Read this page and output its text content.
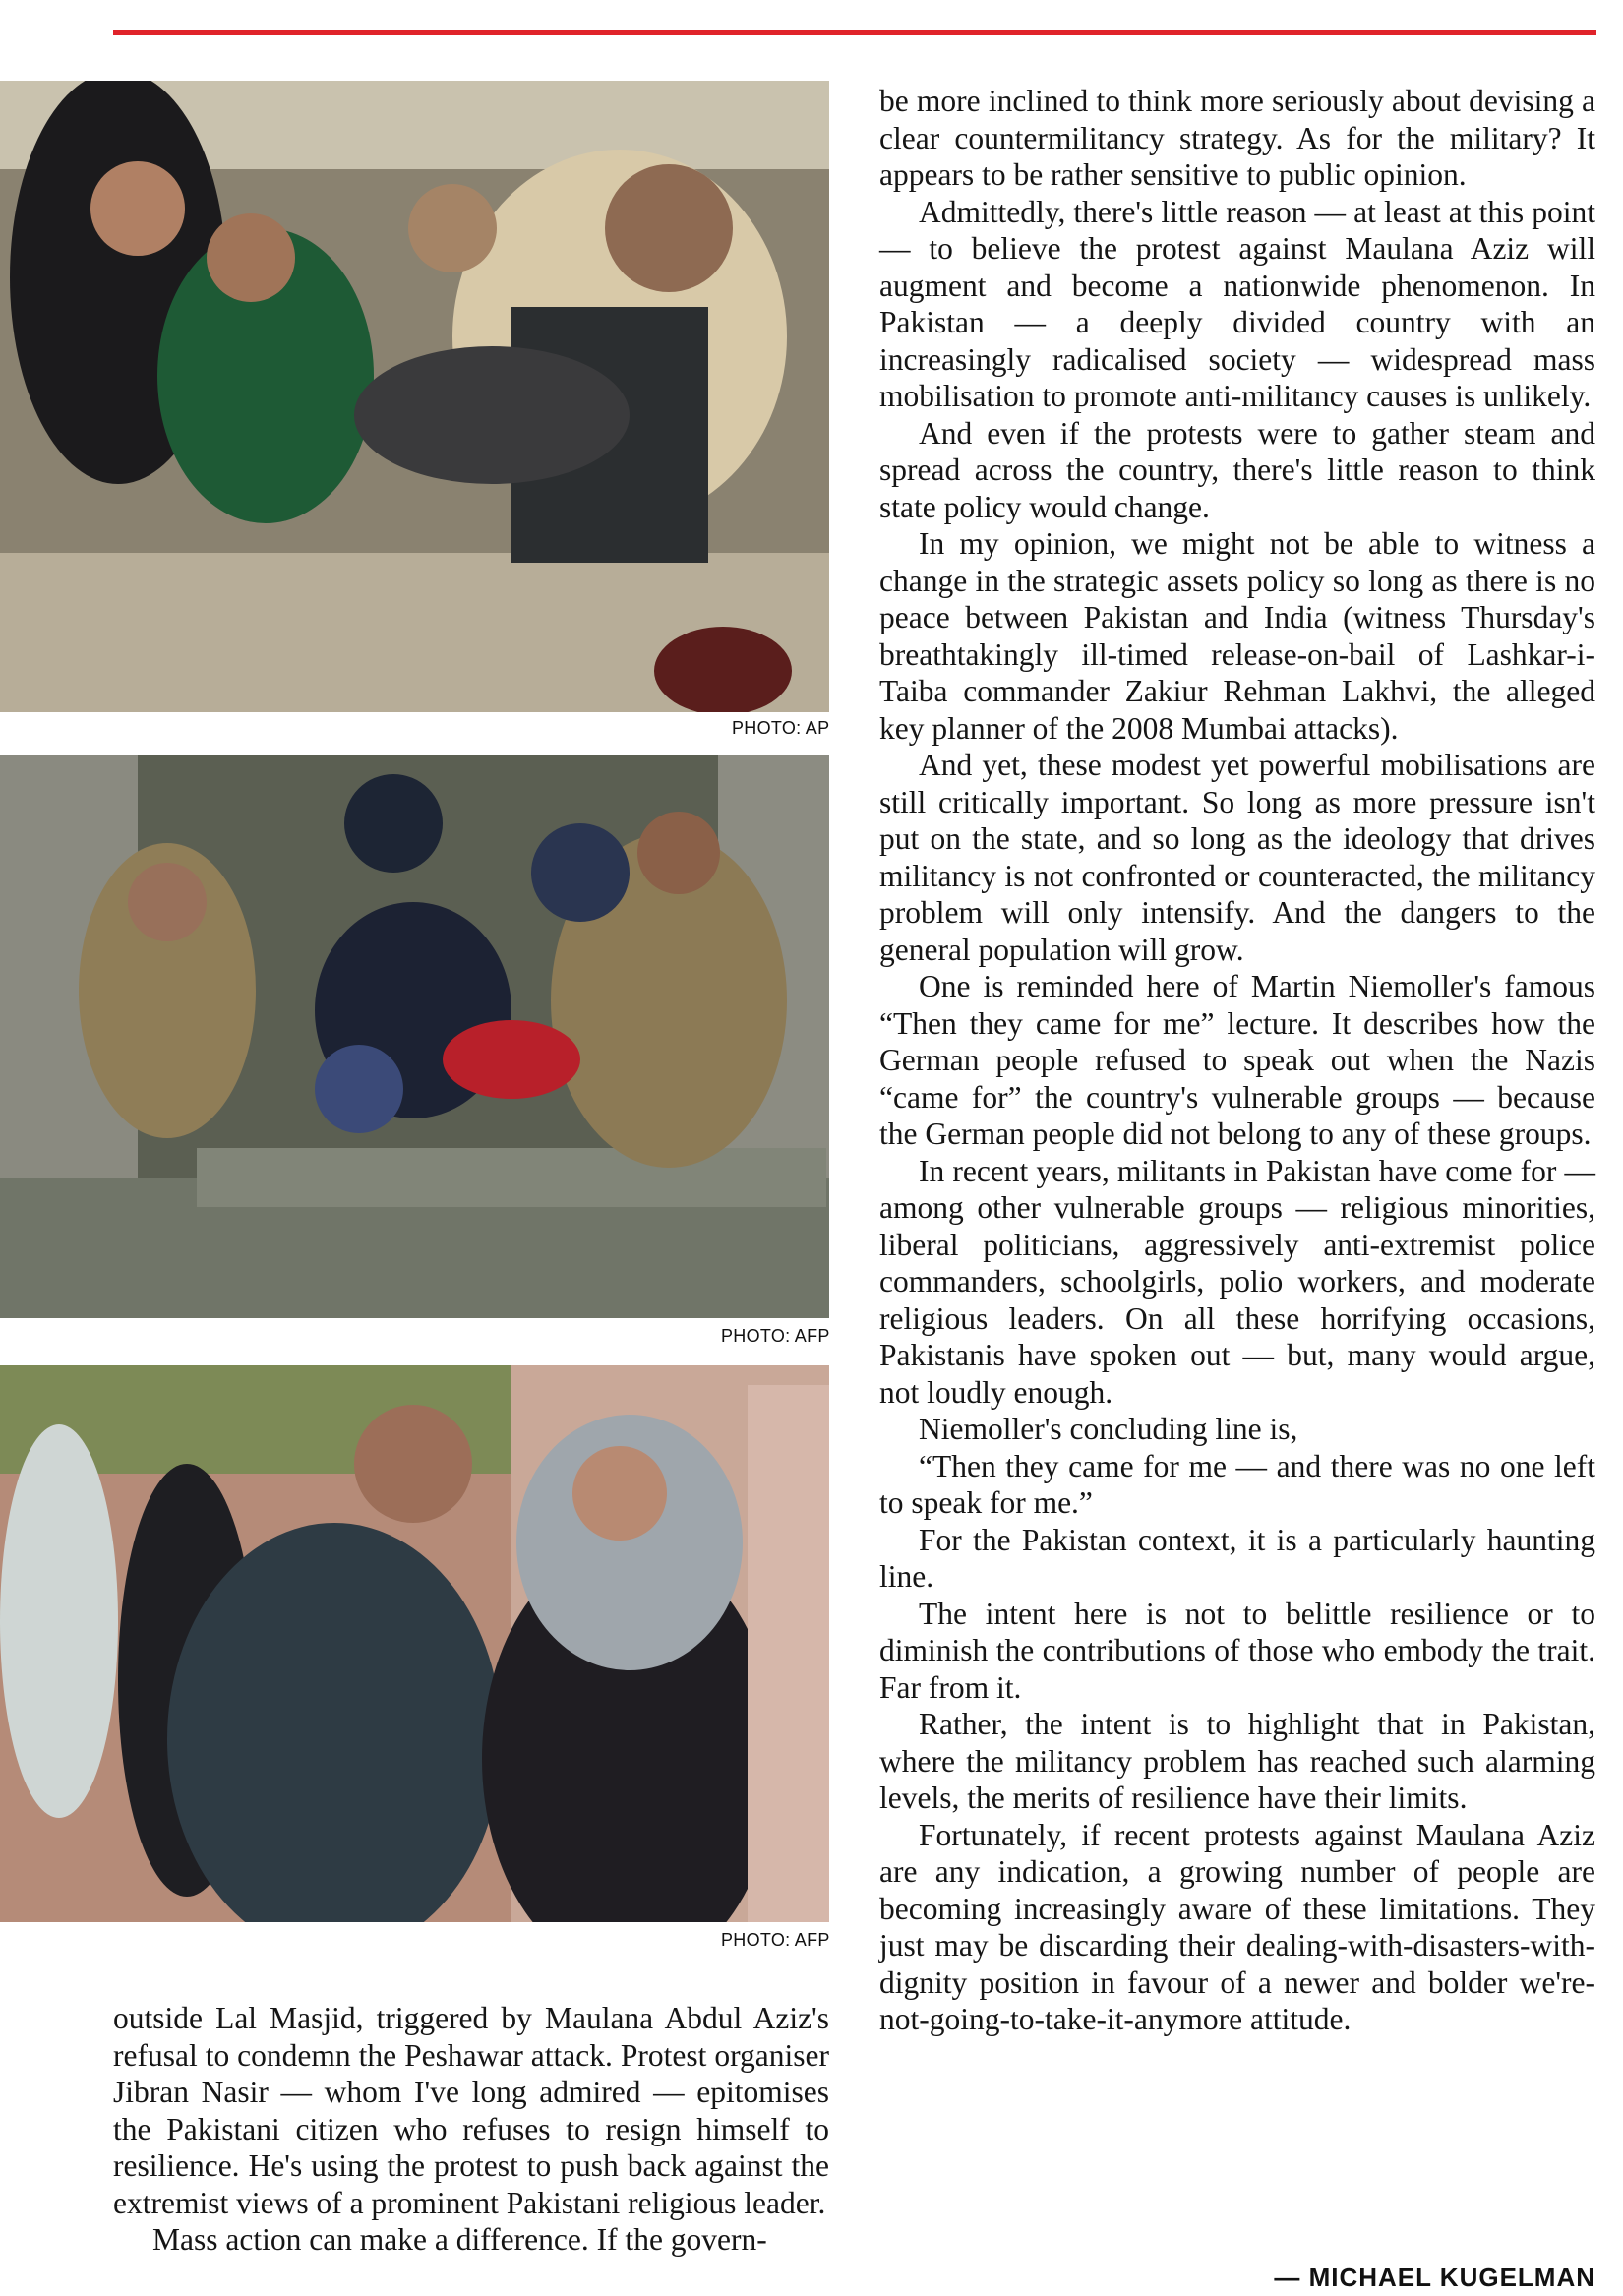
PHOTO: AP
PHOTO: AFP
PHOTO: AFP

be more inclined to think more seriously about devising a clear countermilitancy strategy. As for the military? It appears to be rather sensitive to public opinion.

Admittedly, there's little reason — at least at this point — to believe the protest against Maulana Aziz will augment and become a nationwide phenomenon. In Pakistan — a deeply divided country with an increasingly radicalised society — widespread mass mobilisation to promote anti-militancy causes is unlikely.

And even if the protests were to gather steam and spread across the country, there's little reason to think state policy would change.

In my opinion, we might not be able to witness a change in the strategic assets policy so long as there is no peace between Pakistan and India (witness Thursday's breathtakingly ill-timed release-on-bail of Lashkar-i-Taiba commander Zakiur Rehman Lakhvi, the alleged key planner of the 2008 Mumbai attacks).

And yet, these modest yet powerful mobilisations are still critically important. So long as more pressure isn't put on the state, and so long as the ideology that drives militancy is not confronted or counteracted, the militancy problem will only intensify. And the dangers to the general population will grow.

One is reminded here of Martin Niemoller's famous “Then they came for me” lecture. It describes how the German people refused to speak out when the Nazis “came for” the country's vulnerable groups — because the German people did not belong to any of these groups.

In recent years, militants in Pakistan have come for — among other vulnerable groups — religious minorities, liberal politicians, aggressively anti-extremist police commanders, schoolgirls, polio workers, and moderate religious leaders. On all these horrifying occasions, Pakistanis have spoken out — but, many would argue, not loudly enough.

Niemoller's concluding line is,

“Then they came for me — and there was no one left to speak for me.”

For the Pakistan context, it is a particularly haunting line.

The intent here is not to belittle resilience or to diminish the contributions of those who embody the trait. Far from it.

Rather, the intent is to highlight that in Pakistan, where the militancy problem has reached such alarming levels, the merits of resilience have their limits.

Fortunately, if recent protests against Maulana Aziz are any indication, a growing number of people are becoming increasingly aware of these limitations. They just may be discarding their dealing-with-disasters-with-dignity position in favour of a newer and bolder we're-not-going-to-take-it-anymore attitude.

outside Lal Masjid, triggered by Maulana Abdul Aziz's refusal to condemn the Peshawar attack. Protest organiser Jibran Nasir — whom I've long admired — epitomises the Pakistani citizen who refuses to resign himself to resilience. He's using the protest to push back against the extremist views of a prominent Pakistani religious leader.

Mass action can make a difference. If the govern-

— MICHAEL KUGELMAN
